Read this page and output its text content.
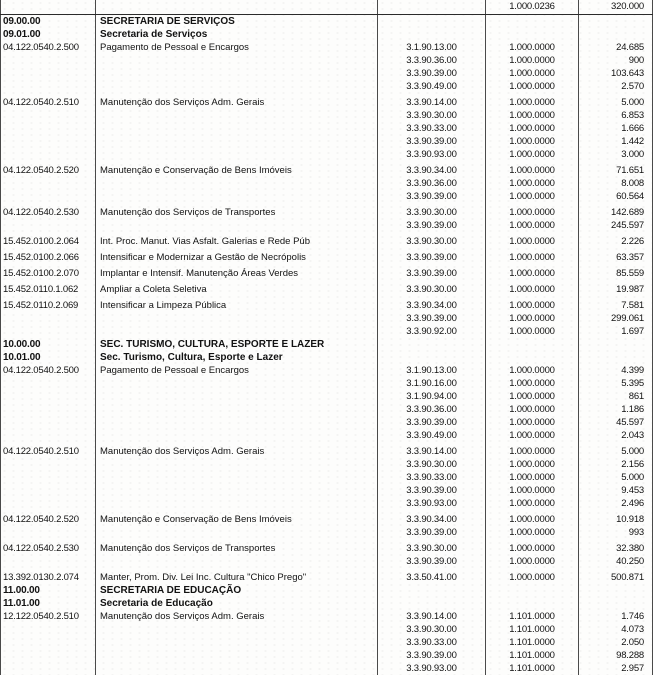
1.000.0236	320.000
09.00.00	SECRETARIA DE SERVIÇOS
09.01.00	Secretaria de Serviços
04.122.0540.2.500	Pagamento de Pessoal e Encargos	3.1.90.13.00	1.000.0000	24.685
3.3.90.36.00	1.000.0000	900
3.3.90.39.00	1.000.0000	103.643
3.3.90.49.00	1.000.0000	2.570
04.122.0540.2.510	Manutenção dos Serviços Adm. Gerais	3.3.90.14.00	1.000.0000	5.000
3.3.90.30.00	1.000.0000	6.853
3.3.90.33.00	1.000.0000	1.666
3.3.90.39.00	1.000.0000	1.442
3.3.90.93.00	1.000.0000	3.000
04.122.0540.2.520	Manutenção e Conservação de Bens Imóveis	3.3.90.34.00	1.000.0000	71.651
3.3.90.36.00	1.000.0000	8.008
3.3.90.39.00	1.000.0000	60.564
04.122.0540.2.530	Manutenção dos Serviços de Transportes	3.3.90.30.00	1.000.0000	142.689
3.3.90.39.00	1.000.0000	245.597
15.452.0100.2.064	Int. Proc. Manut. Vias Asfalt. Galerias e Rede Púb	3.3.90.30.00	1.000.0000	2.226
15.452.0100.2.066	Intensificar e Modernizar a Gestão de Necrópolis	3.3.90.39.00	1.000.0000	63.357
15.452.0100.2.070	Implantar e Intensif. Manutenção Áreas Verdes	3.3.90.39.00	1.000.0000	85.559
15.452.0110.1.062	Ampliar a Coleta Seletiva	3.3.90.30.00	1.000.0000	19.987
15.452.0110.2.069	Intensificar a Limpeza Pública	3.3.90.34.00	1.000.0000	7.581
3.3.90.39.00	1.000.0000	299.061
3.3.90.92.00	1.000.0000	1.697
10.00.00	SEC. TURISMO, CULTURA, ESPORTE E LAZER
10.01.00	Sec. Turismo, Cultura, Esporte e Lazer
04.122.0540.2.500	Pagamento de Pessoal e Encargos	3.1.90.13.00	1.000.0000	4.399
3.1.90.16.00	1.000.0000	5.395
3.1.90.94.00	1.000.0000	861
3.3.90.36.00	1.000.0000	1.186
3.3.90.39.00	1.000.0000	45.597
3.3.90.49.00	1.000.0000	2.043
04.122.0540.2.510	Manutenção dos Serviços Adm. Gerais	3.3.90.14.00	1.000.0000	5.000
3.3.90.30.00	1.000.0000	2.156
3.3.90.33.00	1.000.0000	5.000
3.3.90.39.00	1.000.0000	9.453
3.3.90.93.00	1.000.0000	2.496
04.122.0540.2.520	Manutenção e Conservação de Bens Imóveis	3.3.90.34.00	1.000.0000	10.918
3.3.90.39.00	1.000.0000	993
04.122.0540.2.530	Manutenção dos Serviços de Transportes	3.3.90.30.00	1.000.0000	32.380
3.3.90.39.00	1.000.0000	40.250
13.392.0130.2.074	Manter, Prom. Div. Lei Inc. Cultura "Chico Prego"	3.3.50.41.00	1.000.0000	500.871
11.00.00	SECRETARIA DE EDUCAÇÃO
11.01.00	Secretaria de Educação
12.122.0540.2.510	Manutenção dos Serviços Adm. Gerais	3.3.90.14.00	1.101.0000	1.746
3.3.90.30.00	1.101.0000	4.073
3.3.90.33.00	1.101.0000	2.050
3.3.90.39.00	1.101.0000	98.288
3.3.90.93.00	1.101.0000	2.957
